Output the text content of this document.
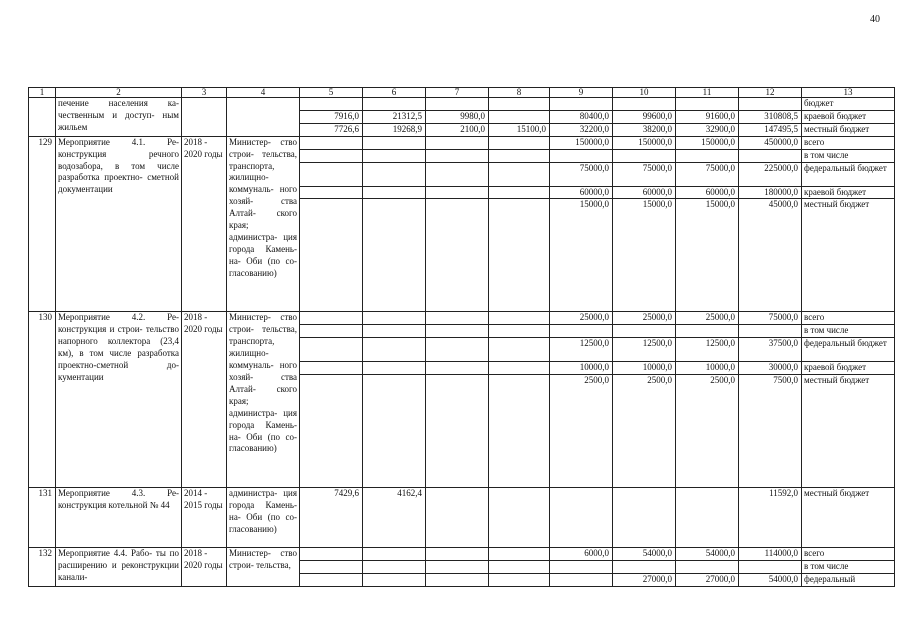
40
1	2	3	4	5	6	7	8	9	10	11	12	13
	печение населения ка- чественным и доступ- ным жильем											бюджет
				7916,0	21312,5	9980,0		80400,0	99600,0	91600,0	310808,5	краевой бюджет
				7726,6	19268,9	2100,0	15100,0	32200,0	38200,0	32900,0	147495,5	местный бюджет
129	Мероприятие 4.1. Ре- конструкция речного водозабора, в том числе разработка проектно- сметной документации	2018 - 2020 годы	Министер- ство строи- тельства, транспорта, жилищно- коммуналь- ного хозяй- ства Алтай- ского края; администра- ция города Камень-на- Оби (по со- гласованию)					150000,0	150000,0	150000,0	450000,0	всего
												в том числе
								75000,0	75000,0	75000,0	225000,0	федеральный бюджет
								60000,0	60000,0	60000,0	180000,0	краевой бюджет
								15000,0	15000,0	15000,0	45000,0	местный бюджет
130	Мероприятие 4.2. Ре- конструкция и строи- тельство напорного коллектора (23,4 км), в том числе разработка проектно-сметной до- кументации	2018 - 2020 годы	Министер- ство строи- тельства, транспорта, жилищно- коммуналь- ного хозяй- ства Алтай- ского края; администра- ция города Камень-на- Оби (по со- гласованию)					25000,0	25000,0	25000,0	75000,0	всего
												в том числе
								12500,0	12500,0	12500,0	37500,0	федеральный бюджет
								10000,0	10000,0	10000,0	30000,0	краевой бюджет
								2500,0	2500,0	2500,0	7500,0	местный бюджет
131	Мероприятие 4.3. Ре- конструкция котельной № 44	2014 - 2015 годы	администра- ция города Камень-на- Оби (по со- гласованию)	7429,6	4162,4						11592,0	местный бюджет
132	Мероприятие 4.4. Рабо- ты по расширению и реконструкции канали-	2018 - 2020 годы	Министер- ство строи- тельства,					6000,0	54000,0	54000,0	114000,0	всего
												в том числе
									27000,0	27000,0	54000,0	федеральный
